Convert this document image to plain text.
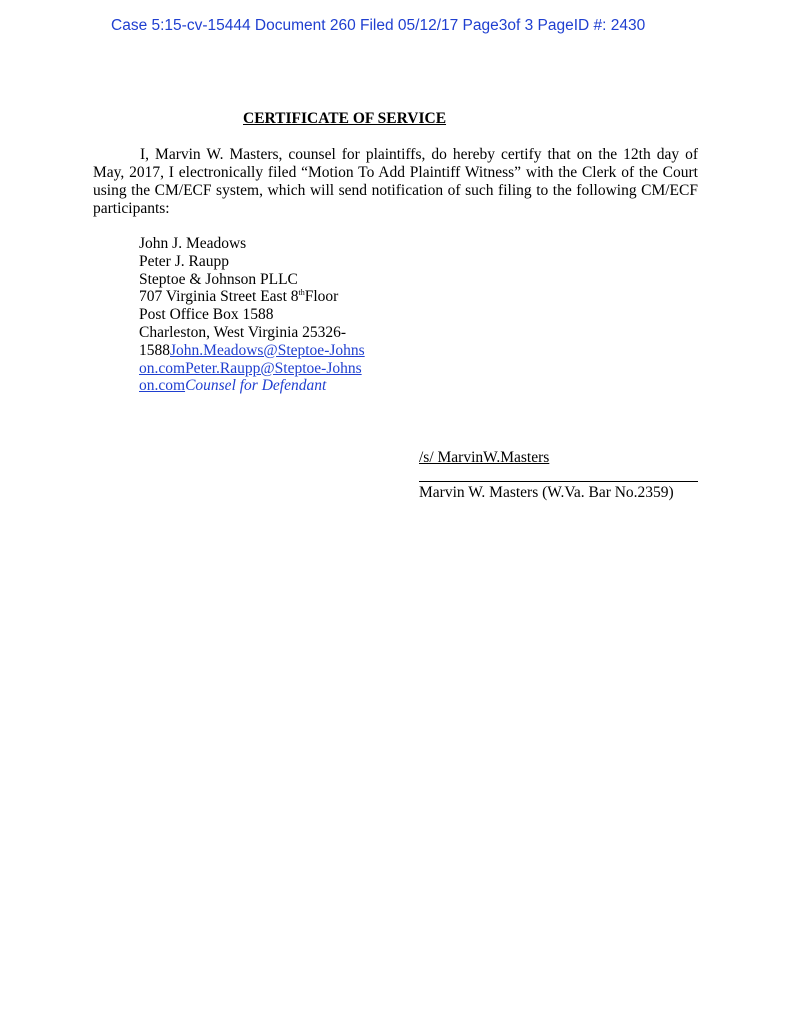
Case 5:15-cv-15444 Document 260 Filed 05/12/17 Page3of 3 PageID #: 2430
CERTIFICATE OF SERVICE
I, Marvin W. Masters, counsel for plaintiffs, do hereby certify that on the 12th day of May, 2017, I electronically filed “Motion To Add Plaintiff Witness” with the Clerk of the Court using the CM/ECF system, which will send notification of such filing to the following CM/ECF participants:
John J. Meadows
Peter J. Raupp
Steptoe & Johnson PLLC
707 Virginia Street East 8thFloor
Post Office Box 1588
Charleston, West Virginia 25326-
1588John.Meadows@Steptoe-Johnson.comPeter.Raupp@Steptoe-Johnson.comCounsel for Defendant
/s/ MarvinW.Masters
Marvin W. Masters (W.Va. Bar No.2359)
